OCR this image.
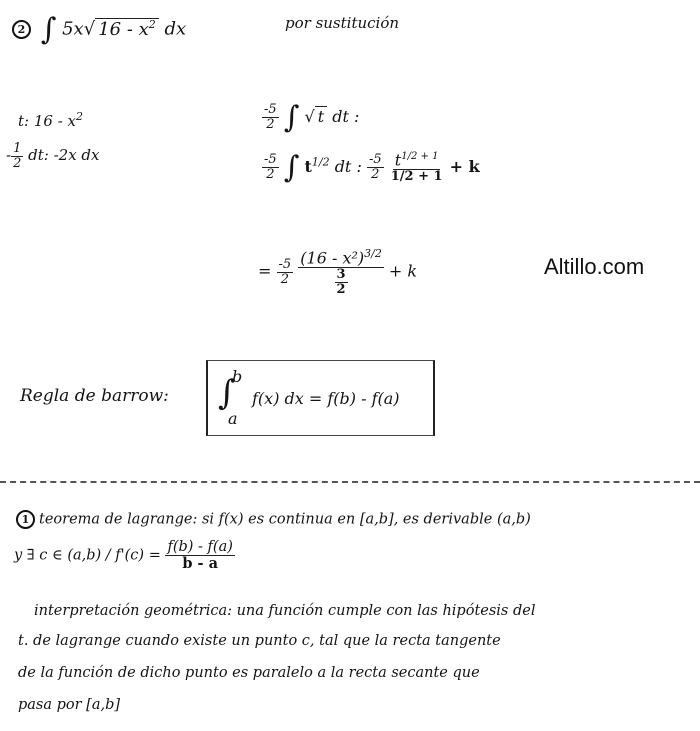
2 ∫ 5x√ $16 - x^2$ dx	por sustitución
t: $16 - x^2$
- $\frac{1}{2}$ dt: -2x dx
$\frac{-5}{2}$ ∫ √ t dt :
$\frac{-5}{2}$ ∫ $t^{1/2}$ dt : $\frac{-5}{2}$
$\frac{t^{1/2 + 1}}{1/2 + 1} + k$
= $\frac{-5}{2}$
$\frac{(16 - x^2)^{3/2}}{\frac{3}{2}} + k$	Altillo.com
Regla de barrow: ∫
b
a
f(x) dx = f(b) - f(a)
1 teorema de lagrange: si f(x) es continua en [a,b], es derivable (a,b)
y ∃ c ∈ $(a,b) / f'(c) = \frac{f(b) - f(a)}{b - a}$
interpretación geométrica: una función cumple con las hipótesis del
t. de lagrange cuando existe un punto c, tal que la recta tangente
de la función de dicho punto es paralelo a la recta secante que
pasa por [a,b]
